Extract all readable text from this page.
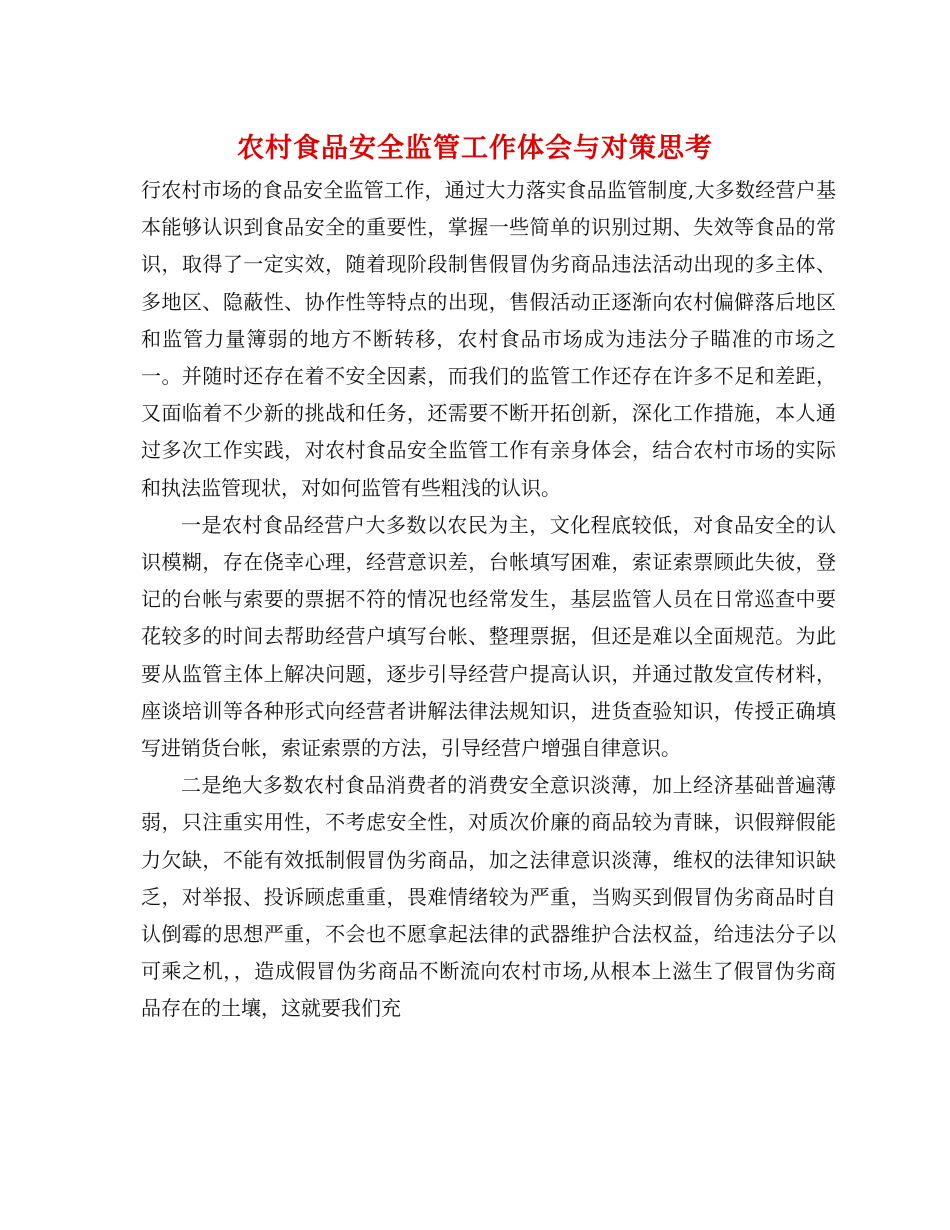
农村食品安全监管工作体会与对策思考

行农村市场的食品安全监管工作，通过大力落实食品监管制度,大多数经营户基本能够认识到食品安全的重要性，掌握一些简单的识别过期、失效等食品的常识，取得了一定实效，随着现阶段制售假冒伪劣商品违法活动出现的多主体、多地区、隐蔽性、协作性等特点的出现，售假活动正逐渐向农村偏僻落后地区和监管力量簿弱的地方不断转移，农村食品市场成为违法分子瞄准的市场之一。并随时还存在着不安全因素，而我们的监管工作还存在许多不足和差距，又面临着不少新的挑战和任务，还需要不断开拓创新，深化工作措施，本人通过多次工作实践，对农村食品安全监管工作有亲身体会，结合农村市场的实际和执法监管现状，对如何监管有些粗浅的认识。

一是农村食品经营户大多数以农民为主，文化程底较低，对食品安全的认识模糊，存在侥幸心理，经营意识差，台帐填写困难，索证索票顾此失彼，登记的台帐与索要的票据不符的情况也经常发生，基层监管人员在日常巡查中要花较多的时间去帮助经营户填写台帐、整理票据，但还是难以全面规范。为此要从监管主体上解决问题，逐步引导经营户提高认识，并通过散发宣传材料，座谈培训等各种形式向经营者讲解法律法规知识，进货查验知识，传授正确填写进销货台帐，索证索票的方法，引导经营户增强自律意识。

二是绝大多数农村食品消费者的消费安全意识淡薄，加上经济基础普遍薄弱，只注重实用性，不考虑安全性，对质次价廉的商品较为青睐，识假辩假能力欠缺，不能有效抵制假冒伪劣商品，加之法律意识淡薄，维权的法律知识缺乏，对举报、投诉顾虑重重，畏难情绪较为严重，当购买到假冒伪劣商品时自认倒霉的思想严重，不会也不愿拿起法律的武器维护合法权益，给违法分子以可乘之机，，造成假冒伪劣商品不断流向农村市场,从根本上滋生了假冒伪劣商品存在的土壤，这就要我们充
